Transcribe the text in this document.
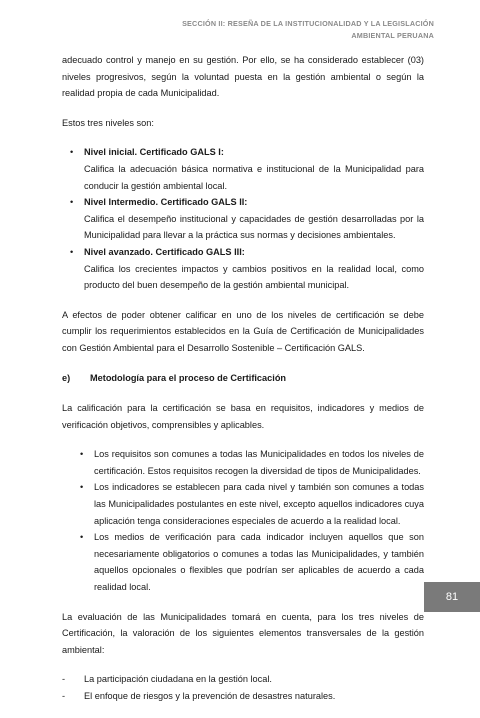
SECCIÓN II: RESEÑA DE LA INSTITUCIONALIDAD Y LA LEGISLACIÓN
AMBIENTAL PERUANA

adecuado control y manejo en su gestión. Por ello, se ha considerado establecer (03) niveles progresivos, según la voluntad puesta en la gestión ambiental o según la realidad propia de cada Municipalidad.

Estos tres niveles son:

• Nivel inicial. Certificado GALS I:
Califica la adecuación básica normativa e institucional de la Municipalidad para conducir la gestión ambiental local.
• Nivel Intermedio. Certificado GALS II:
Califica el desempeño institucional y capacidades de gestión desarrolladas por la Municipalidad para llevar a la práctica sus normas y decisiones ambientales.
• Nivel avanzado. Certificado GALS III:
Califica los crecientes impactos y cambios positivos en la realidad local, como producto del buen desempeño de la gestión ambiental municipal.

A efectos de poder obtener calificar en uno de los niveles de certificación se debe cumplir los requerimientos establecidos en la Guía de Certificación de Municipalidades con Gestión Ambiental para el Desarrollo Sostenible – Certificación GALS.

e) Metodología para el proceso de Certificación

La calificación para la certificación se basa en requisitos, indicadores y medios de verificación objetivos, comprensibles y aplicables.

• Los requisitos son comunes a todas las Municipalidades en todos los niveles de certificación. Estos requisitos recogen la diversidad de tipos de Municipalidades.
• Los indicadores se establecen para cada nivel y también son comunes a todas las Municipalidades postulantes en este nivel, excepto aquellos indicadores cuya aplicación tenga consideraciones especiales de acuerdo a la realidad local.
• Los medios de verificación para cada indicador incluyen aquellos que son necesariamente obligatorios o comunes a todas las Municipalidades, y también aquellos opcionales o flexibles que podrían ser aplicables de acuerdo a cada realidad local.

La evaluación de las Municipalidades tomará en cuenta, para los tres niveles de Certificación, la valoración de los siguientes elementos transversales de la gestión ambiental:

- La participación ciudadana en la gestión local.
- El enfoque de riesgos y la prevención de desastres naturales.
81
